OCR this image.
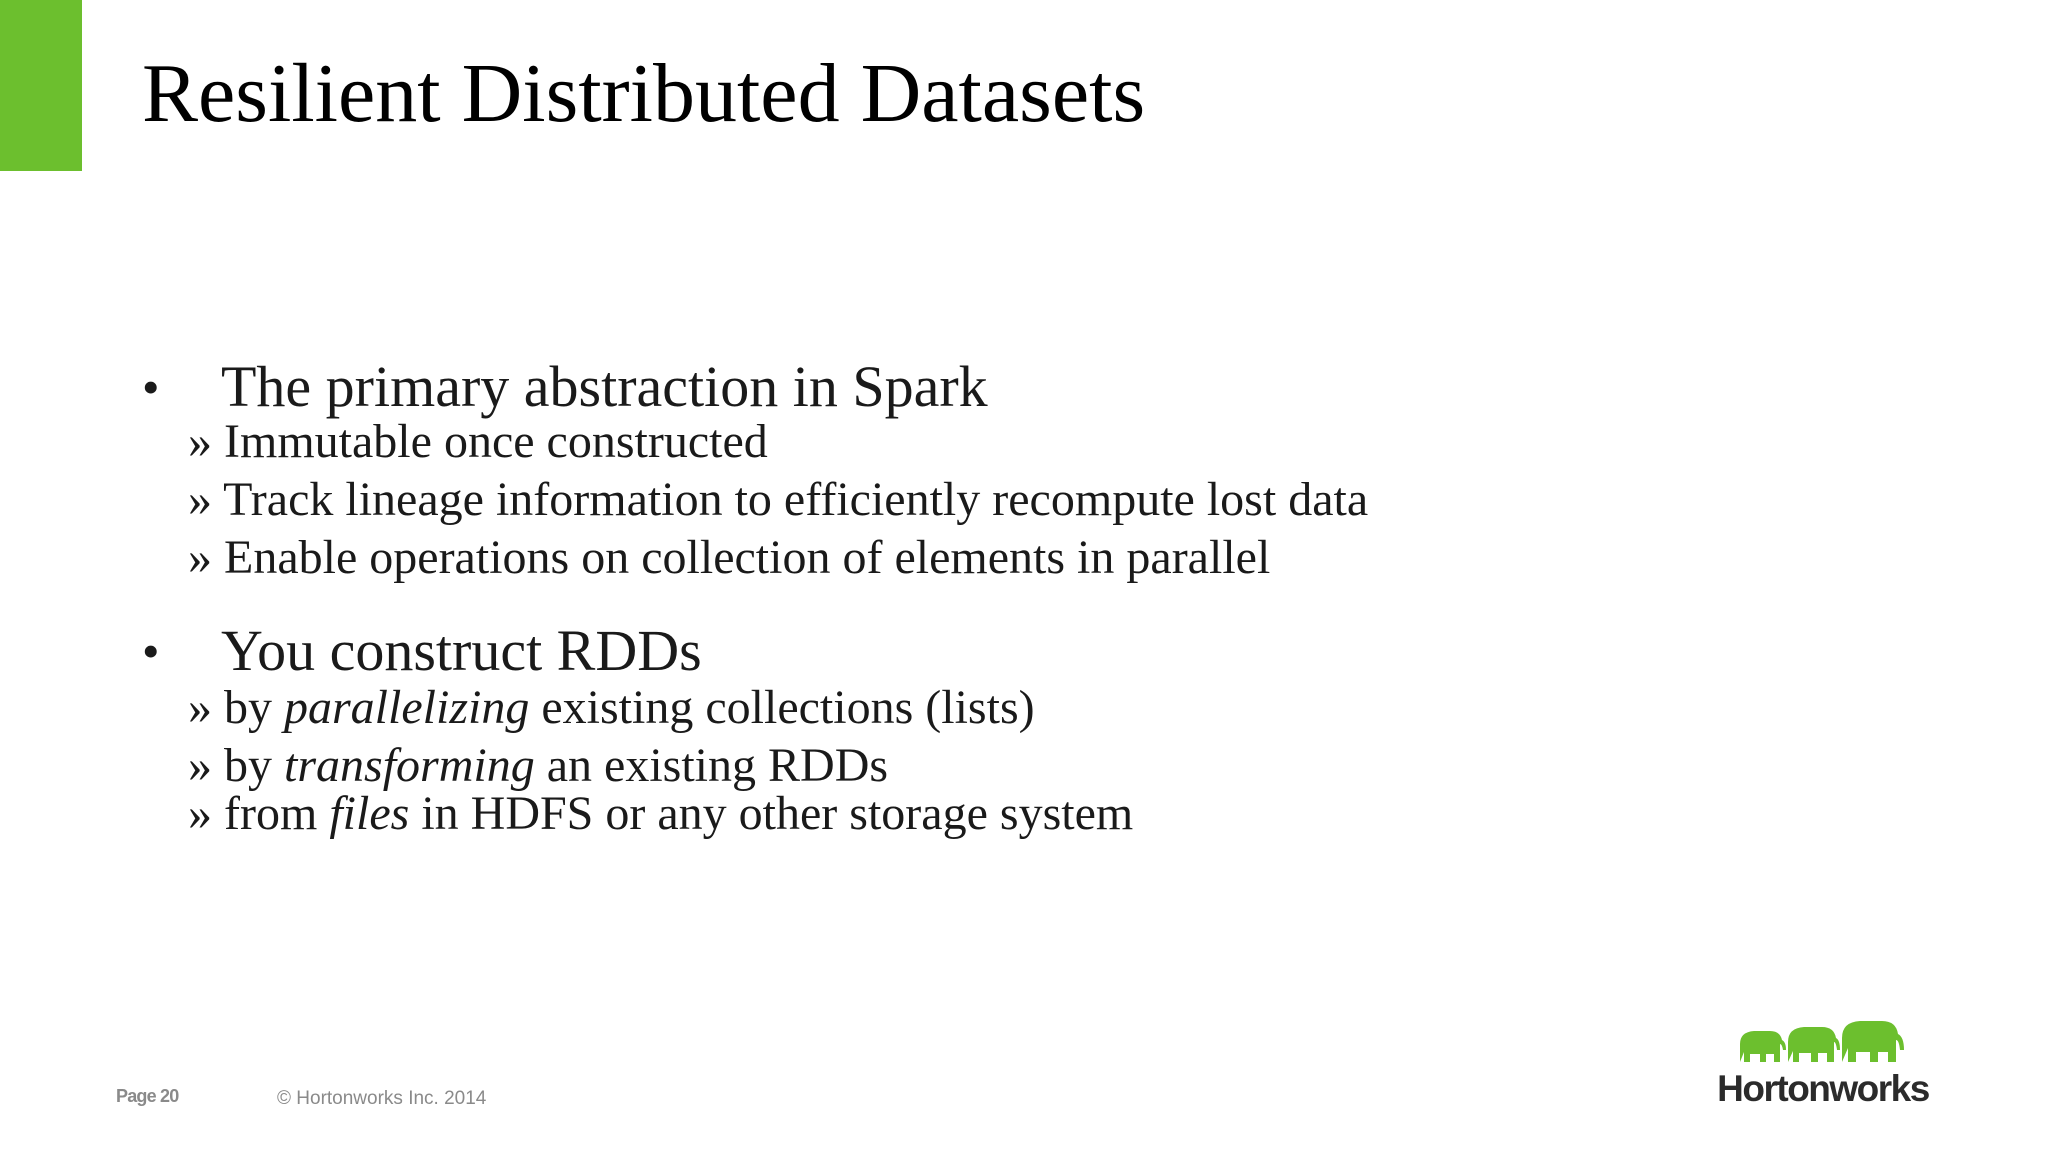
Resilient Distributed Datasets
• The primary abstraction in Spark
» Immutable once constructed
» Track lineage information to efficiently recompute lost data
» Enable operations on collection of elements in parallel
• You construct RDDs
» by parallelizing existing collections (lists)
» by transforming an existing RDDs
» from files in HDFS or any other storage system
Page 20	© Hortonworks Inc. 2014	Hortonworks
